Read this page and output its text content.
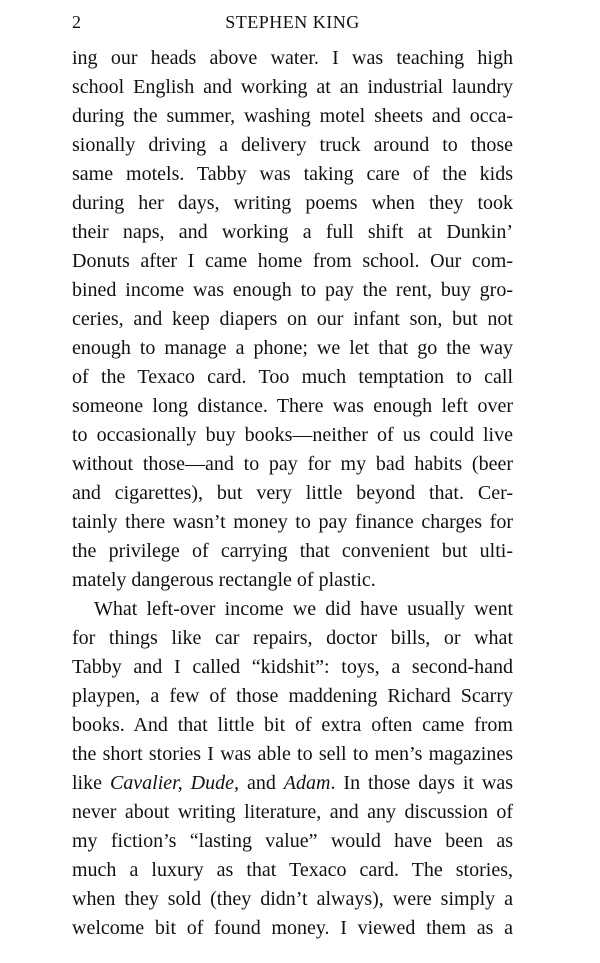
2	STEPHEN KING
ing our heads above water. I was teaching high
school English and working at an industrial laundry
during the summer, washing motel sheets and occa-
sionally driving a delivery truck around to those
same motels. Tabby was taking care of the kids
during her days, writing poems when they took
their naps, and working a full shift at Dunkin’
Donuts after I came home from school. Our com-
bined income was enough to pay the rent, buy gro-
ceries, and keep diapers on our infant son, but not
enough to manage a phone; we let that go the way
of the Texaco card. Too much temptation to call
someone long distance. There was enough left over
to occasionally buy books—neither of us could live
without those—and to pay for my bad habits (beer
and cigarettes), but very little beyond that. Cer-
tainly there wasn’t money to pay finance charges for
the privilege of carrying that convenient but ulti-
mately dangerous rectangle of plastic.
What left-over income we did have usually went
for things like car repairs, doctor bills, or what
Tabby and I called “kidshit”: toys, a second-hand
playpen, a few of those maddening Richard Scarry
books. And that little bit of extra often came from
the short stories I was able to sell to men’s magazines
like Cavalier, Dude, and Adam. In those days it was
never about writing literature, and any discussion of
my fiction’s “lasting value” would have been as
much a luxury as that Texaco card. The stories,
when they sold (they didn’t always), were simply a
welcome bit of found money. I viewed them as a
